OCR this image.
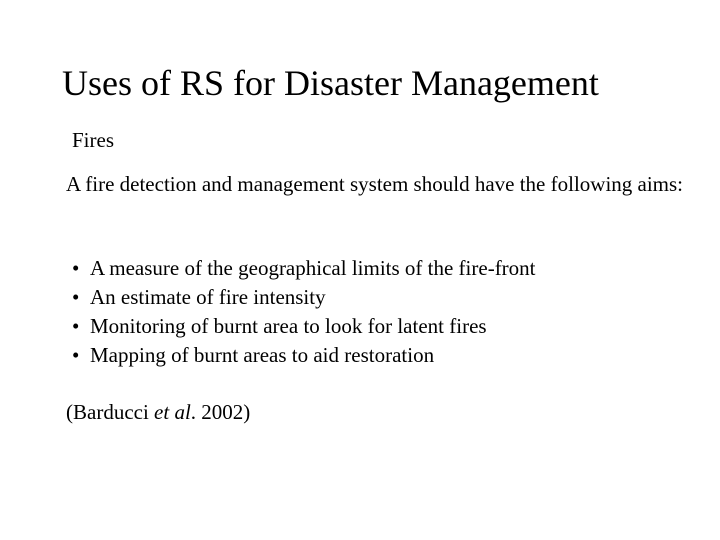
Uses of RS for Disaster Management
Fires
A fire detection and management system should have the following aims:
• A measure of the geographical limits of the fire-front
• An estimate of fire intensity
• Monitoring of burnt area to look for latent fires
• Mapping of burnt areas to aid restoration
(Barducci et al. 2002)
